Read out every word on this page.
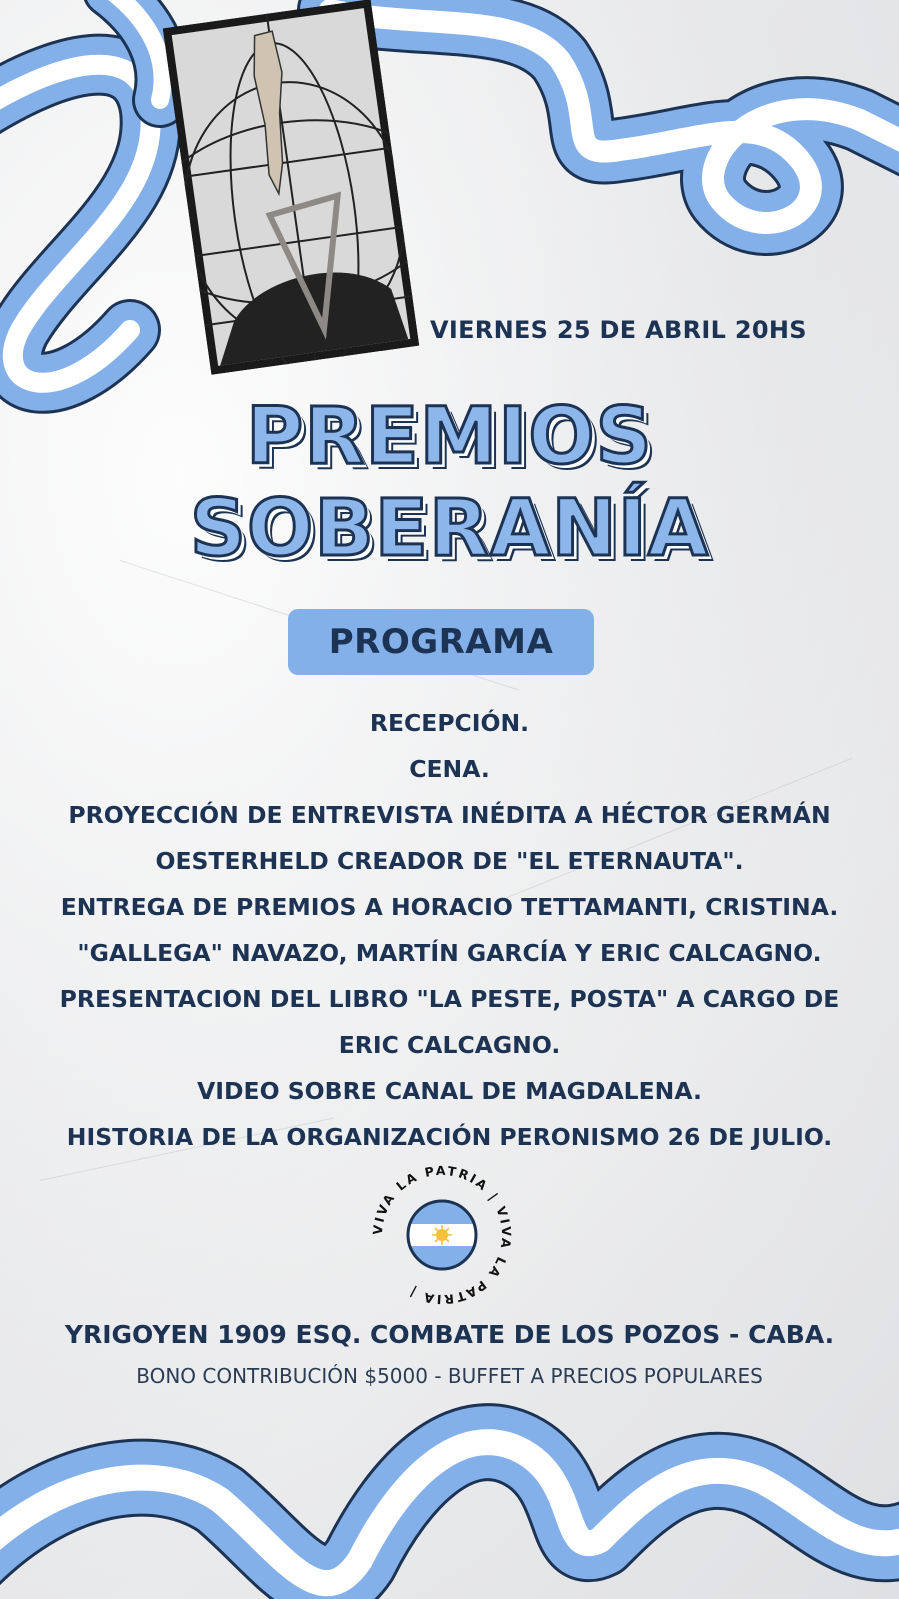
VIERNES 25 DE ABRIL 20HS
PREMIOS
SOBERANÍA
PROGRAMA
RECEPCIÓN.
CENA.
PROYECCIÓN DE ENTREVISTA INÉDITA A HÉCTOR GERMÁN
OESTERHELD CREADOR DE "EL ETERNAUTA".
ENTREGA DE PREMIOS A HORACIO TETTAMANTI, CRISTINA.
"GALLEGA" NAVAZO, MARTÍN GARCÍA Y ERIC CALCAGNO.
PRESENTACION DEL LIBRO "LA PESTE, POSTA" A CARGO DE
ERIC CALCAGNO.
VIDEO SOBRE CANAL DE MAGDALENA.
HISTORIA DE LA ORGANIZACIÓN PERONISMO 26 DE JULIO.
VIVA LA PATRIA | VIVA LA PATRIA |
YRIGOYEN 1909 ESQ. COMBATE DE LOS POZOS - CABA.
BONO CONTRIBUCIÓN $5000 - BUFFET A PRECIOS POPULARES
